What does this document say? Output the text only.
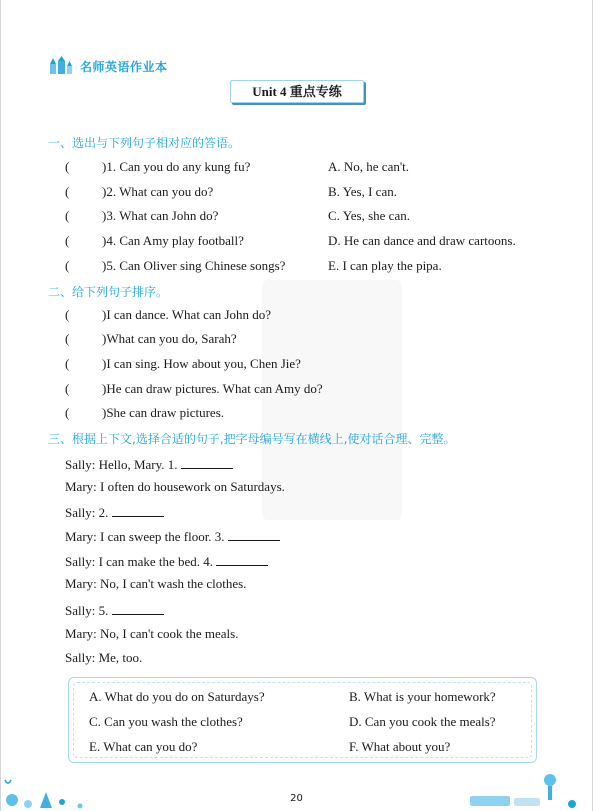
名师英语作业本
Unit 4 重点专练
一、选出与下列句子相对应的答语。
(	)1. Can you do any kung fu?	A. No, he can't.
(	)2. What can you do?	B. Yes, I can.
(	)3. What can John do?	C. Yes, she can.
(	)4. Can Amy play football?	D. He can dance and draw cartoons.
(	)5. Can Oliver sing Chinese songs?	E. I can play the pipa.
二、给下列句子排序。
(	)I can dance. What can John do?
(	)What can you do, Sarah?
(	)I can sing. How about you, Chen Jie?
(	)He can draw pictures. What can Amy do?
(	)She can draw pictures.
三、根据上下文,选择合适的句子,把字母编号写在横线上,使对话合理、完整。
Sally: Hello, Mary. 1.
Mary: I often do housework on Saturdays.
Sally: 2.
Mary: I can sweep the floor. 3.
Sally: I can make the bed. 4.
Mary: No, I can't wash the clothes.
Sally: 5.
Mary: No, I can't cook the meals.
Sally: Me, too.
A. What do you do on Saturdays?	B. What is your homework?
C. Can you wash the clothes?	D. Can you cook the meals?
E. What can you do?	F. What about you?
20
